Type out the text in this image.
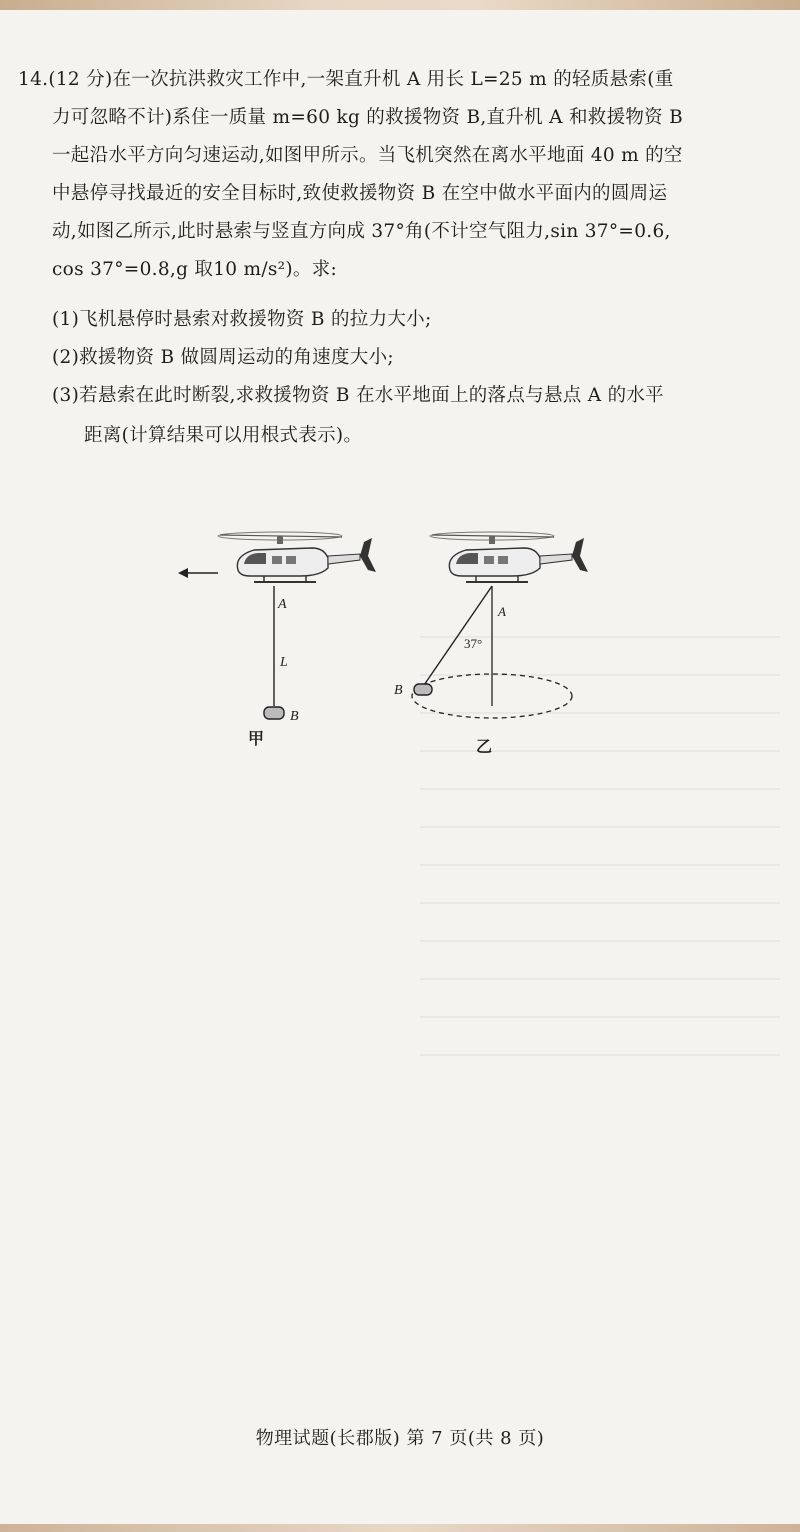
14.(12 分)在一次抗洪救灾工作中,一架直升机 A 用长 L=25 m 的轻质悬索(重
力可忽略不计)系住一质量 m=60 kg 的救援物资 B,直升机 A 和救援物资 B
一起沿水平方向匀速运动,如图甲所示。当飞机突然在离水平地面 40 m 的空
中悬停寻找最近的安全目标时,致使救援物资 B 在空中做水平面内的圆周运
动,如图乙所示,此时悬索与竖直方向成 37°角(不计空气阻力,sin 37°=0.6,
cos 37°=0.8,g 取10 m/s²)。求:
(1)飞机悬停时悬索对救援物资 B 的拉力大小;
(2)救援物资 B 做圆周运动的角速度大小;
(3)若悬索在此时断裂,求救援物资 B 在水平地面上的落点与悬点 A 的水平
距离(计算结果可以用根式表示)。
A
L
B
甲
A
37°
B
乙
物理试题(长郡版) 第 7 页(共 8 页)
